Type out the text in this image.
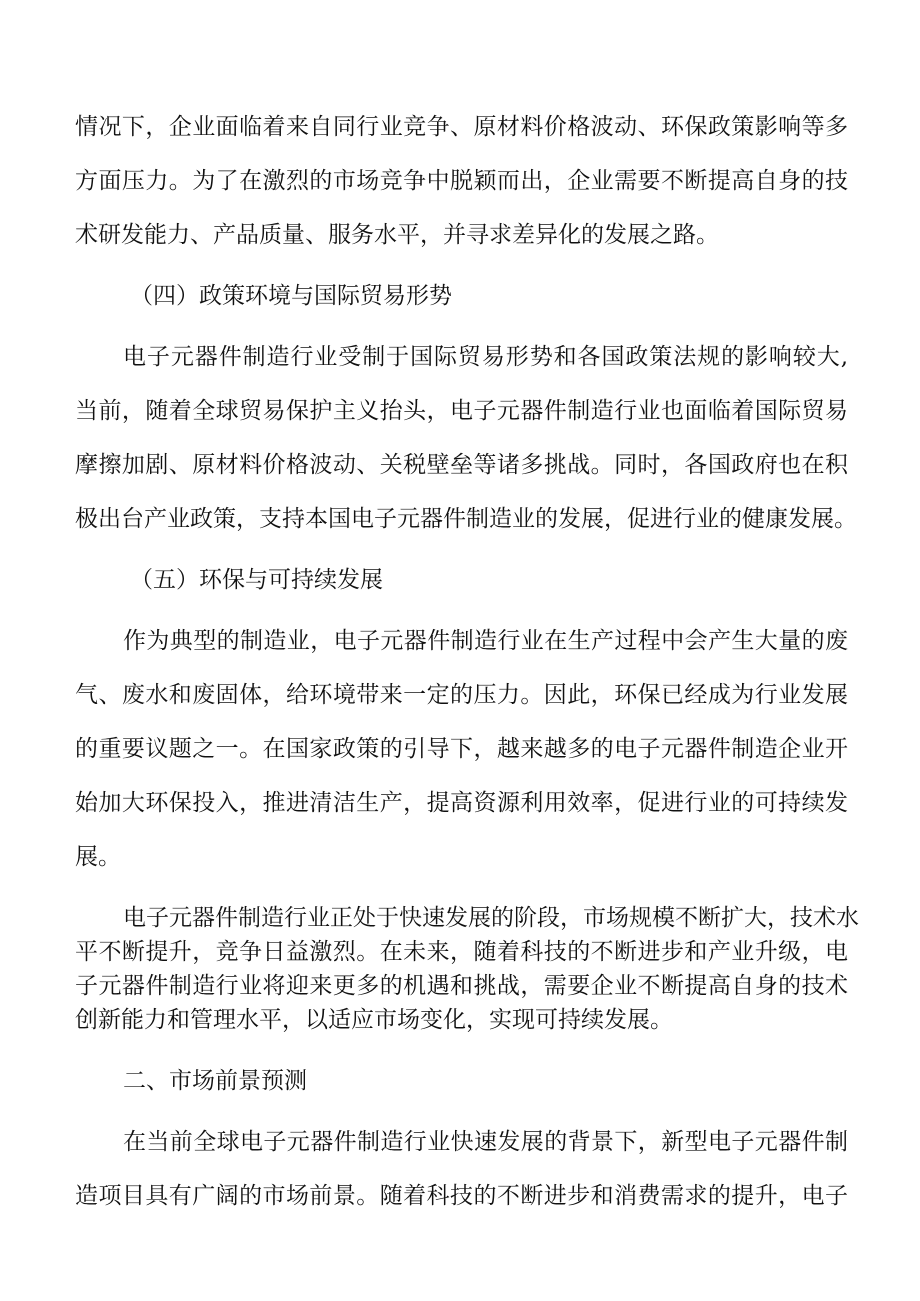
情况下，企业面临着来自同行业竞争、原材料价格波动、环保政策影响等多
方面压力。为了在激烈的市场竞争中脱颖而出，企业需要不断提高自身的技
术研发能力、产品质量、服务水平，并寻求差异化的发展之路。
（四）政策环境与国际贸易形势
电子元器件制造行业受制于国际贸易形势和各国政策法规的影响较大,
当前，随着全球贸易保护主义抬头，电子元器件制造行业也面临着国际贸易
摩擦加剧、原材料价格波动、关税壁垒等诸多挑战。同时，各国政府也在积
极出台产业政策，支持本国电子元器件制造业的发展，促进行业的健康发展。
（五）环保与可持续发展
作为典型的制造业，电子元器件制造行业在生产过程中会产生大量的废
气、废水和废固体，给环境带来一定的压力。因此，环保已经成为行业发展
的重要议题之一。在国家政策的引导下，越来越多的电子元器件制造企业开
始加大环保投入，推进清洁生产，提高资源利用效率，促进行业的可持续发
展。
电子元器件制造行业正处于快速发展的阶段，市场规模不断扩大，技术水
平不断提升，竞争日益激烈。在未来，随着科技的不断进步和产业升级，电
子元器件制造行业将迎来更多的机遇和挑战，需要企业不断提高自身的技术
创新能力和管理水平，以适应市场变化，实现可持续发展。
二、市场前景预测
在当前全球电子元器件制造行业快速发展的背景下，新型电子元器件制
造项目具有广阔的市场前景。随着科技的不断进步和消费需求的提升，电子
